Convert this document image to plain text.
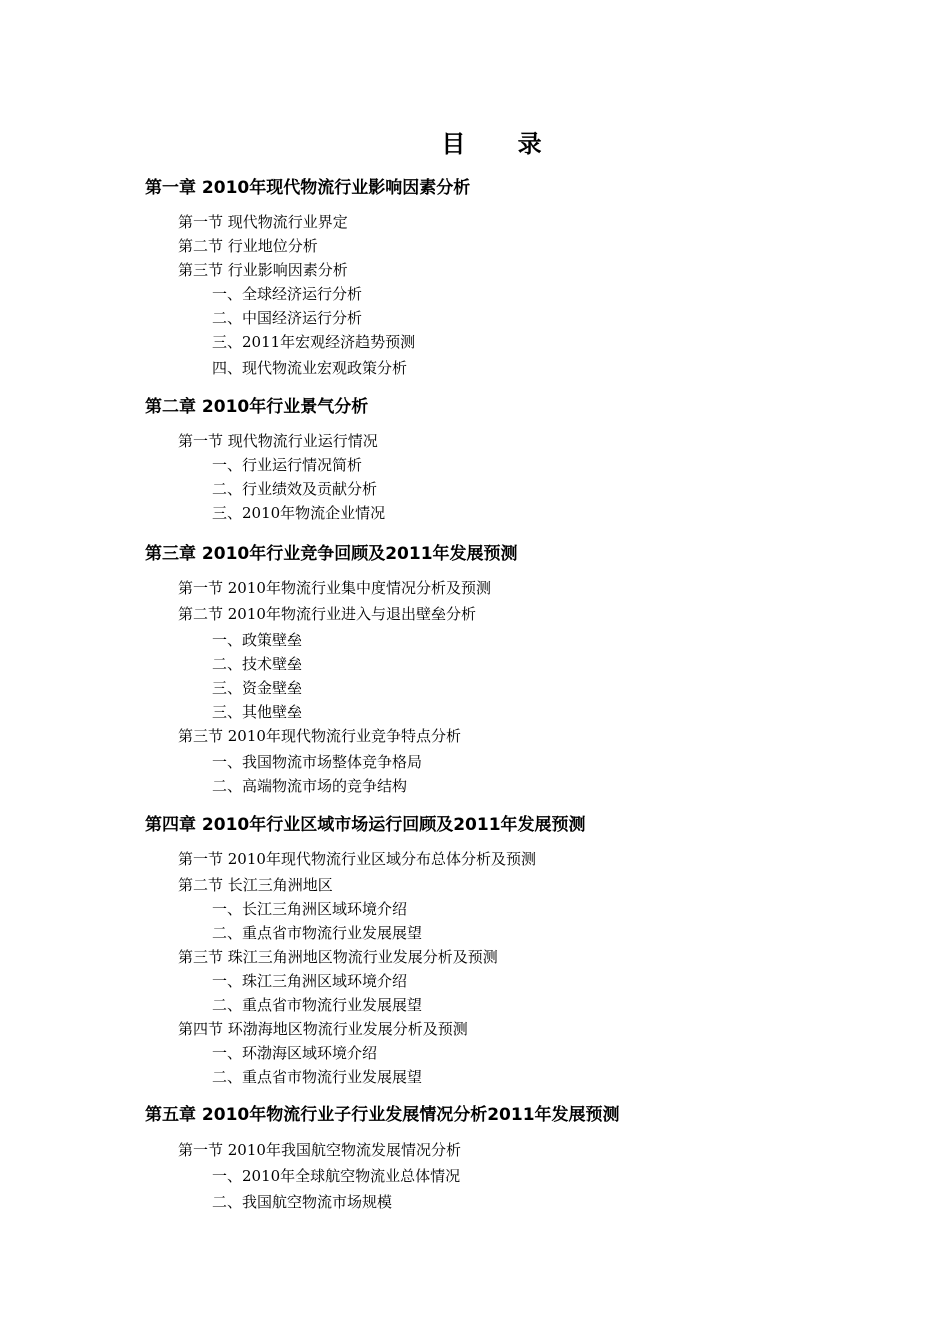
目 录
第一章 2010年现代物流行业影响因素分析
第一节 现代物流行业界定
第二节 行业地位分析
第三节 行业影响因素分析
一、全球经济运行分析
二、中国经济运行分析
三、2011年宏观经济趋势预测
四、现代物流业宏观政策分析
第二章 2010年行业景气分析
第一节 现代物流行业运行情况
一、行业运行情况简析
二、行业绩效及贡献分析
三、2010年物流企业情况
第三章 2010年行业竞争回顾及2011年发展预测
第一节 2010年物流行业集中度情况分析及预测
第二节 2010年物流行业进入与退出壁垒分析
一、政策壁垒
二、技术壁垒
三、资金壁垒
三、其他壁垒
第三节 2010年现代物流行业竞争特点分析
一、我国物流市场整体竞争格局
二、高端物流市场的竞争结构
第四章 2010年行业区域市场运行回顾及2011年发展预测
第一节 2010年现代物流行业区域分布总体分析及预测
第二节 长江三角洲地区
一、长江三角洲区域环境介绍
二、重点省市物流行业发展展望
第三节 珠江三角洲地区物流行业发展分析及预测
一、珠江三角洲区域环境介绍
二、重点省市物流行业发展展望
第四节 环渤海地区物流行业发展分析及预测
一、环渤海区域环境介绍
二、重点省市物流行业发展展望
第五章 2010年物流行业子行业发展情况分析2011年发展预测
第一节 2010年我国航空物流发展情况分析
一、2010年全球航空物流业总体情况
二、我国航空物流市场规模
